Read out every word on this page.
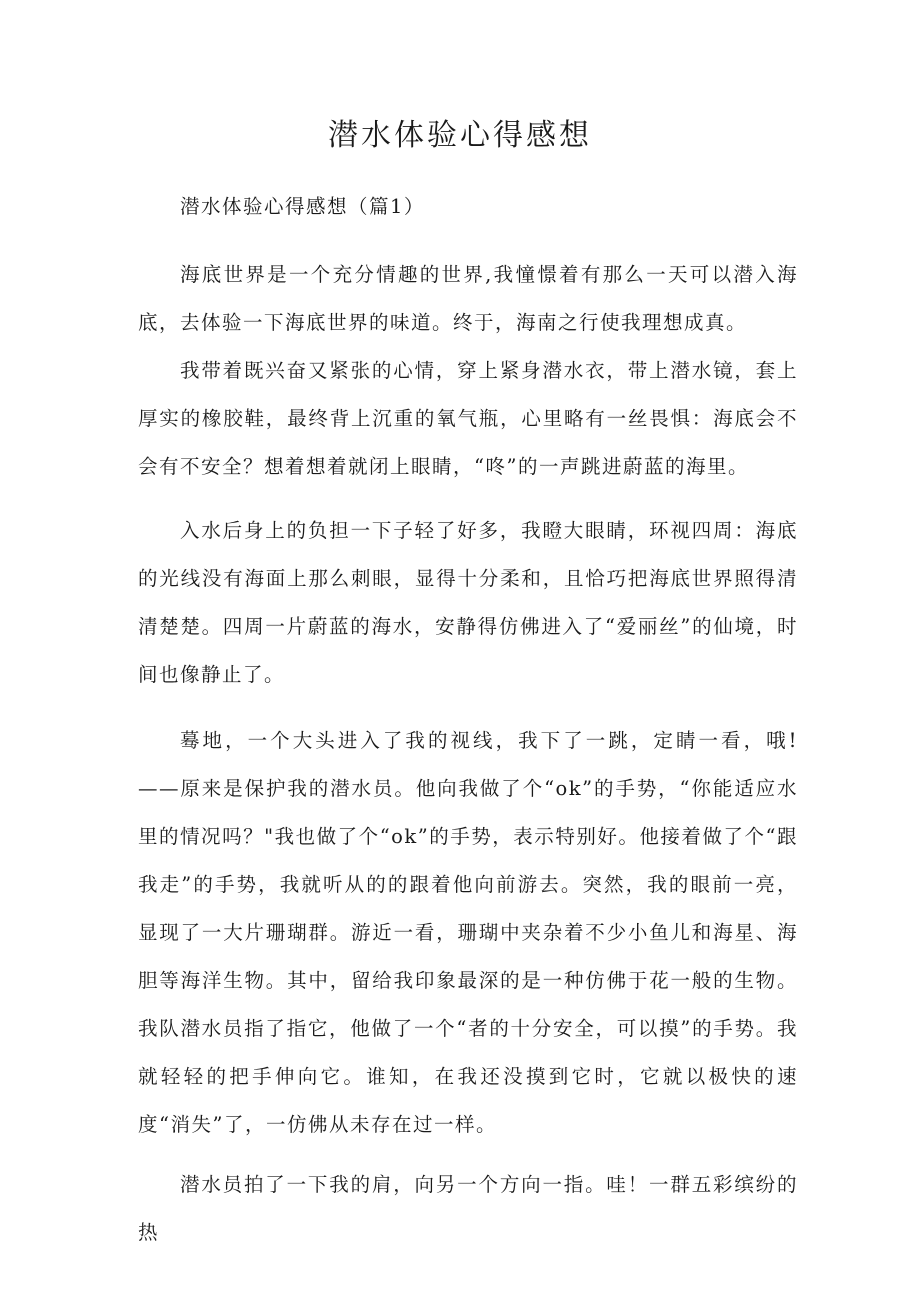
潜水体验心得感想

潜水体验心得感想（篇1）

海底世界是一个充分情趣的世界,我憧憬着有那么一天可以潜入海底，去体验一下海底世界的味道。终于，海南之行使我理想成真。

我带着既兴奋又紧张的心情，穿上紧身潜水衣，带上潜水镜，套上厚实的橡胶鞋，最终背上沉重的氧气瓶，心里略有一丝畏惧：海底会不会有不安全？想着想着就闭上眼睛，“咚”的一声跳进蔚蓝的海里。

入水后身上的负担一下子轻了好多，我瞪大眼睛，环视四周：海底的光线没有海面上那么刺眼，显得十分柔和，且恰巧把海底世界照得清清楚楚。四周一片蔚蓝的海水，安静得仿佛进入了“爱丽丝”的仙境，时间也像静止了。

蓦地，一个大头进入了我的视线，我下了一跳，定睛一看，哦!——原来是保护我的潜水员。他向我做了个“ok”的手势，“你能适应水里的情况吗？"我也做了个“ok”的手势，表示特别好。他接着做了个“跟我走”的手势，我就听从的的跟着他向前游去。突然，我的眼前一亮，显现了一大片珊瑚群。游近一看，珊瑚中夹杂着不少小鱼儿和海星、海胆等海洋生物。其中，留给我印象最深的是一种仿佛于花一般的生物。我队潜水员指了指它，他做了一个“者的十分安全，可以摸”的手势。我就轻轻的把手伸向它。谁知，在我还没摸到它时，它就以极快的速度“消失”了，一仿佛从未存在过一样。

潜水员拍了一下我的肩，向另一个方向一指。哇！一群五彩缤纷的热
